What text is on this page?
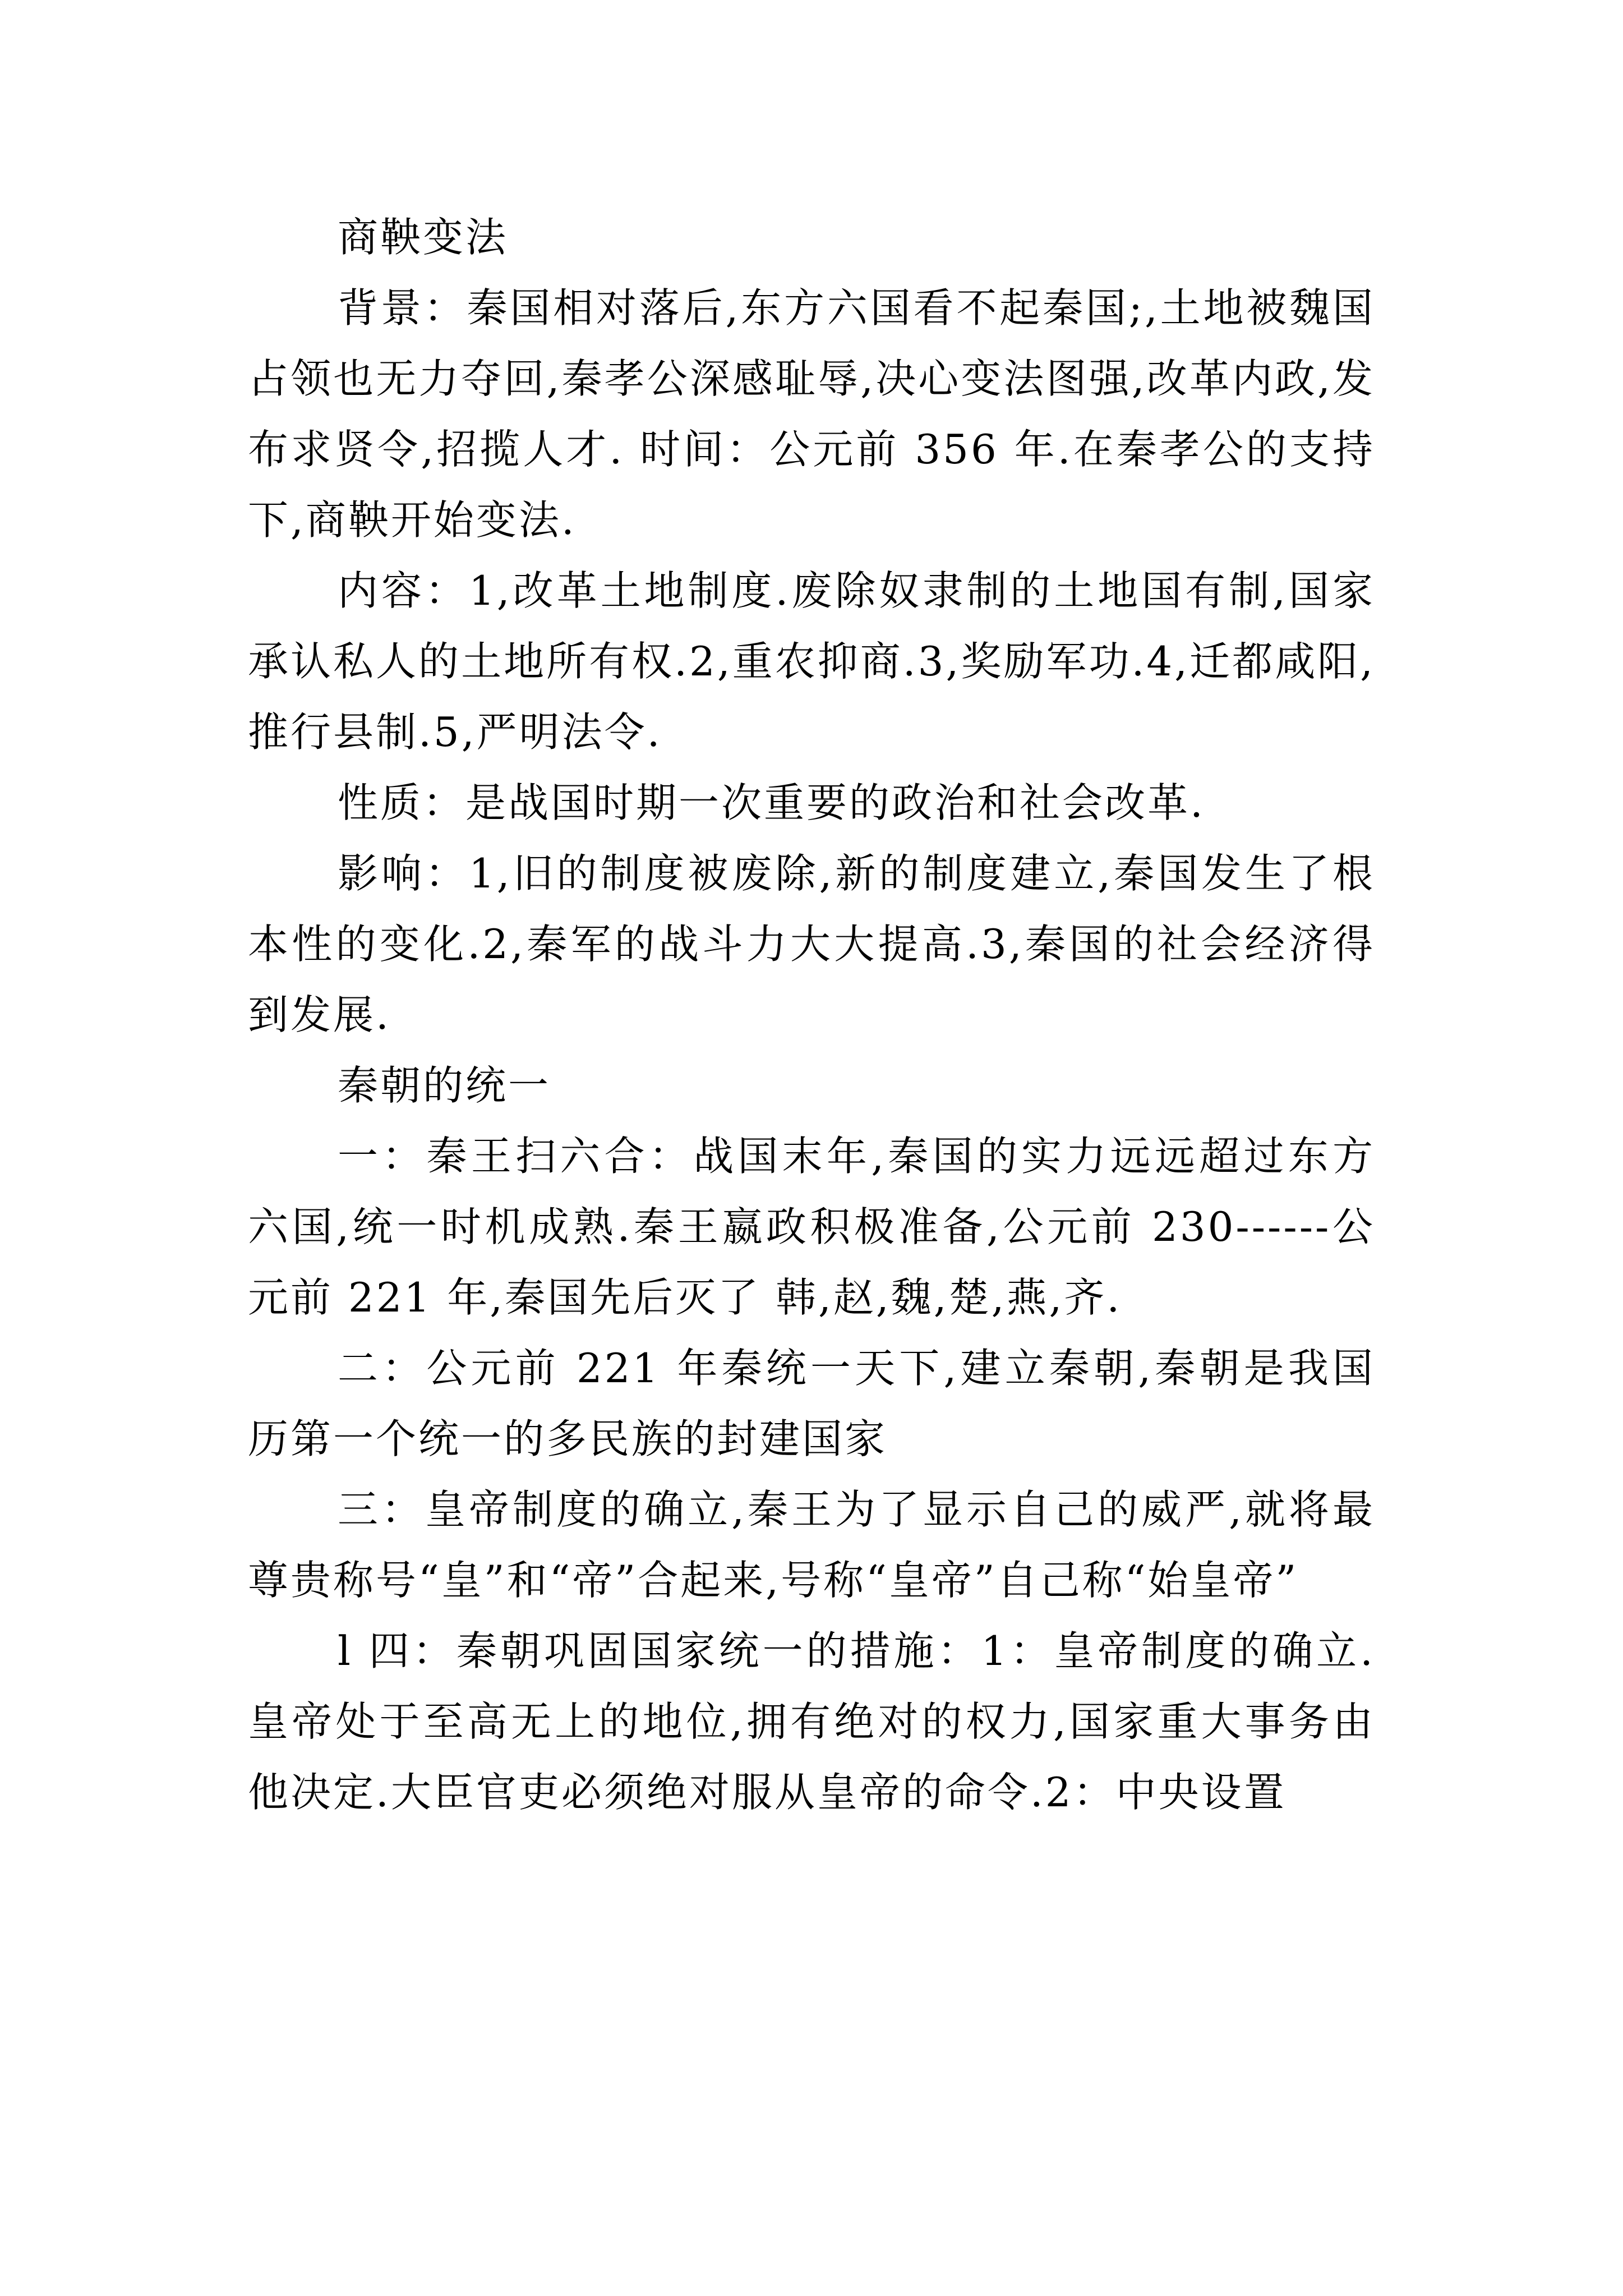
商鞅变法

背景：秦国相对落后,东方六国看不起秦国;,土地被魏国占领也无力夺回,秦孝公深感耻辱,决心变法图强,改革内政,发布求贤令,招揽人才. 时间：公元前 356 年.在秦孝公的支持下,商鞅开始变法.

内容：1,改革土地制度.废除奴隶制的土地国有制,国家承认私人的土地所有权.2,重农抑商.3,奖励军功.4,迁都咸阳,推行县制.5,严明法令.

性质：是战国时期一次重要的政治和社会改革.

影响：1,旧的制度被废除,新的制度建立,秦国发生了根本性的变化.2,秦军的战斗力大大提高.3,秦国的社会经济得到发展.

秦朝的统一

一：秦王扫六合：战国末年,秦国的实力远远超过东方六国,统一时机成熟.秦王嬴政积极准备,公元前 230------公元前 221 年,秦国先后灭了 韩,赵,魏,楚,燕,齐.

二：公元前 221 年秦统一天下,建立秦朝,秦朝是我国历第一个统一的多民族的封建国家

三：皇帝制度的确立,秦王为了显示自己的威严,就将最尊贵称号“皇”和“帝”合起来,号称“皇帝”自己称“始皇帝”

l 四：秦朝巩固国家统一的措施：1：皇帝制度的确立.皇帝处于至高无上的地位,拥有绝对的权力,国家重大事务由他决定.大臣官吏必须绝对服从皇帝的命令.2：中央设置
